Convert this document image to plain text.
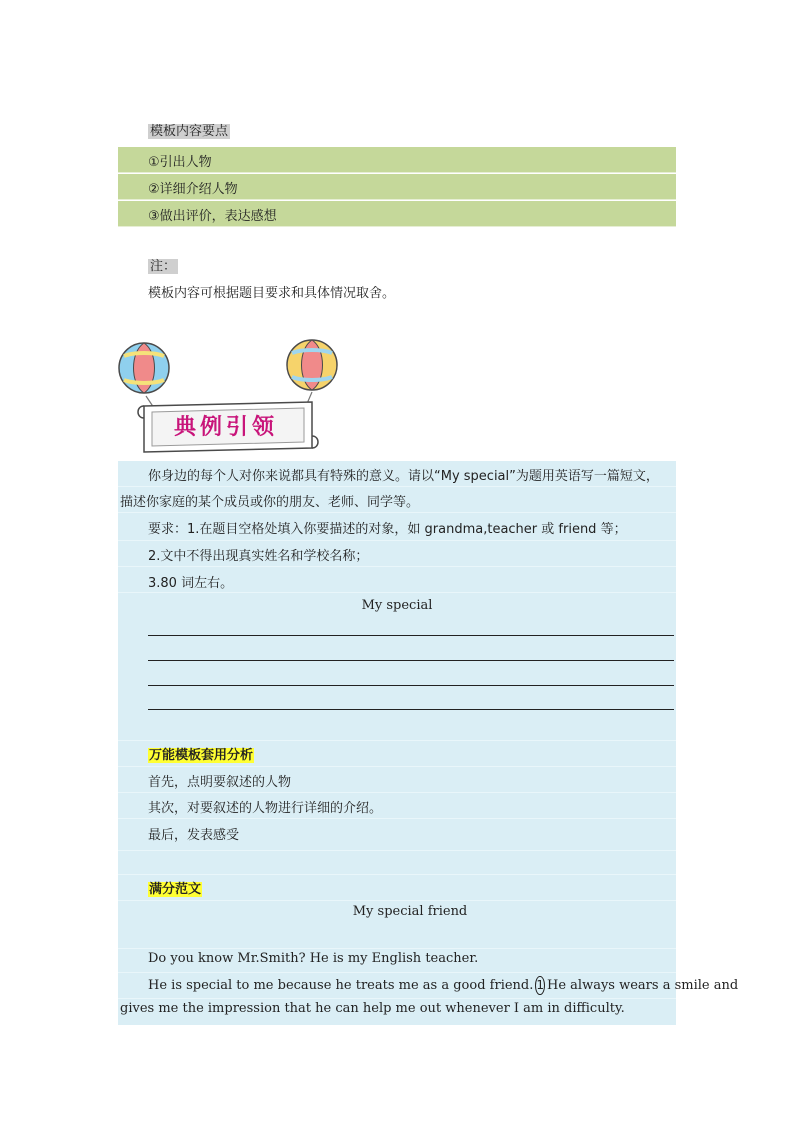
模板内容要点
①引出人物
②详细介绍人物
③做出评价，表达感想
注：
模板内容可根据题目要求和具体情况取舍。
典例引领
你身边的每个人对你来说都具有特殊的意义。请以“My special”为题用英语写一篇短文，
描述你家庭的某个成员或你的朋友、老师、同学等。
要求：1.在题目空格处填入你要描述的对象，如 grandma,teacher 或 friend 等；
2.文中不得出现真实姓名和学校名称；
3.80 词左右。
My special
万能模板套用分析
首先，点明要叙述的人物
其次，对要叙述的人物进行详细的介绍。
最后，发表感受
满分范文
My special friend
Do you know Mr.Smith? He is my English teacher.
He is special to me because he treats me as a good friend. 1 He always wears a smile and
gives me the impression that he can help me out whenever I am in difficulty.
